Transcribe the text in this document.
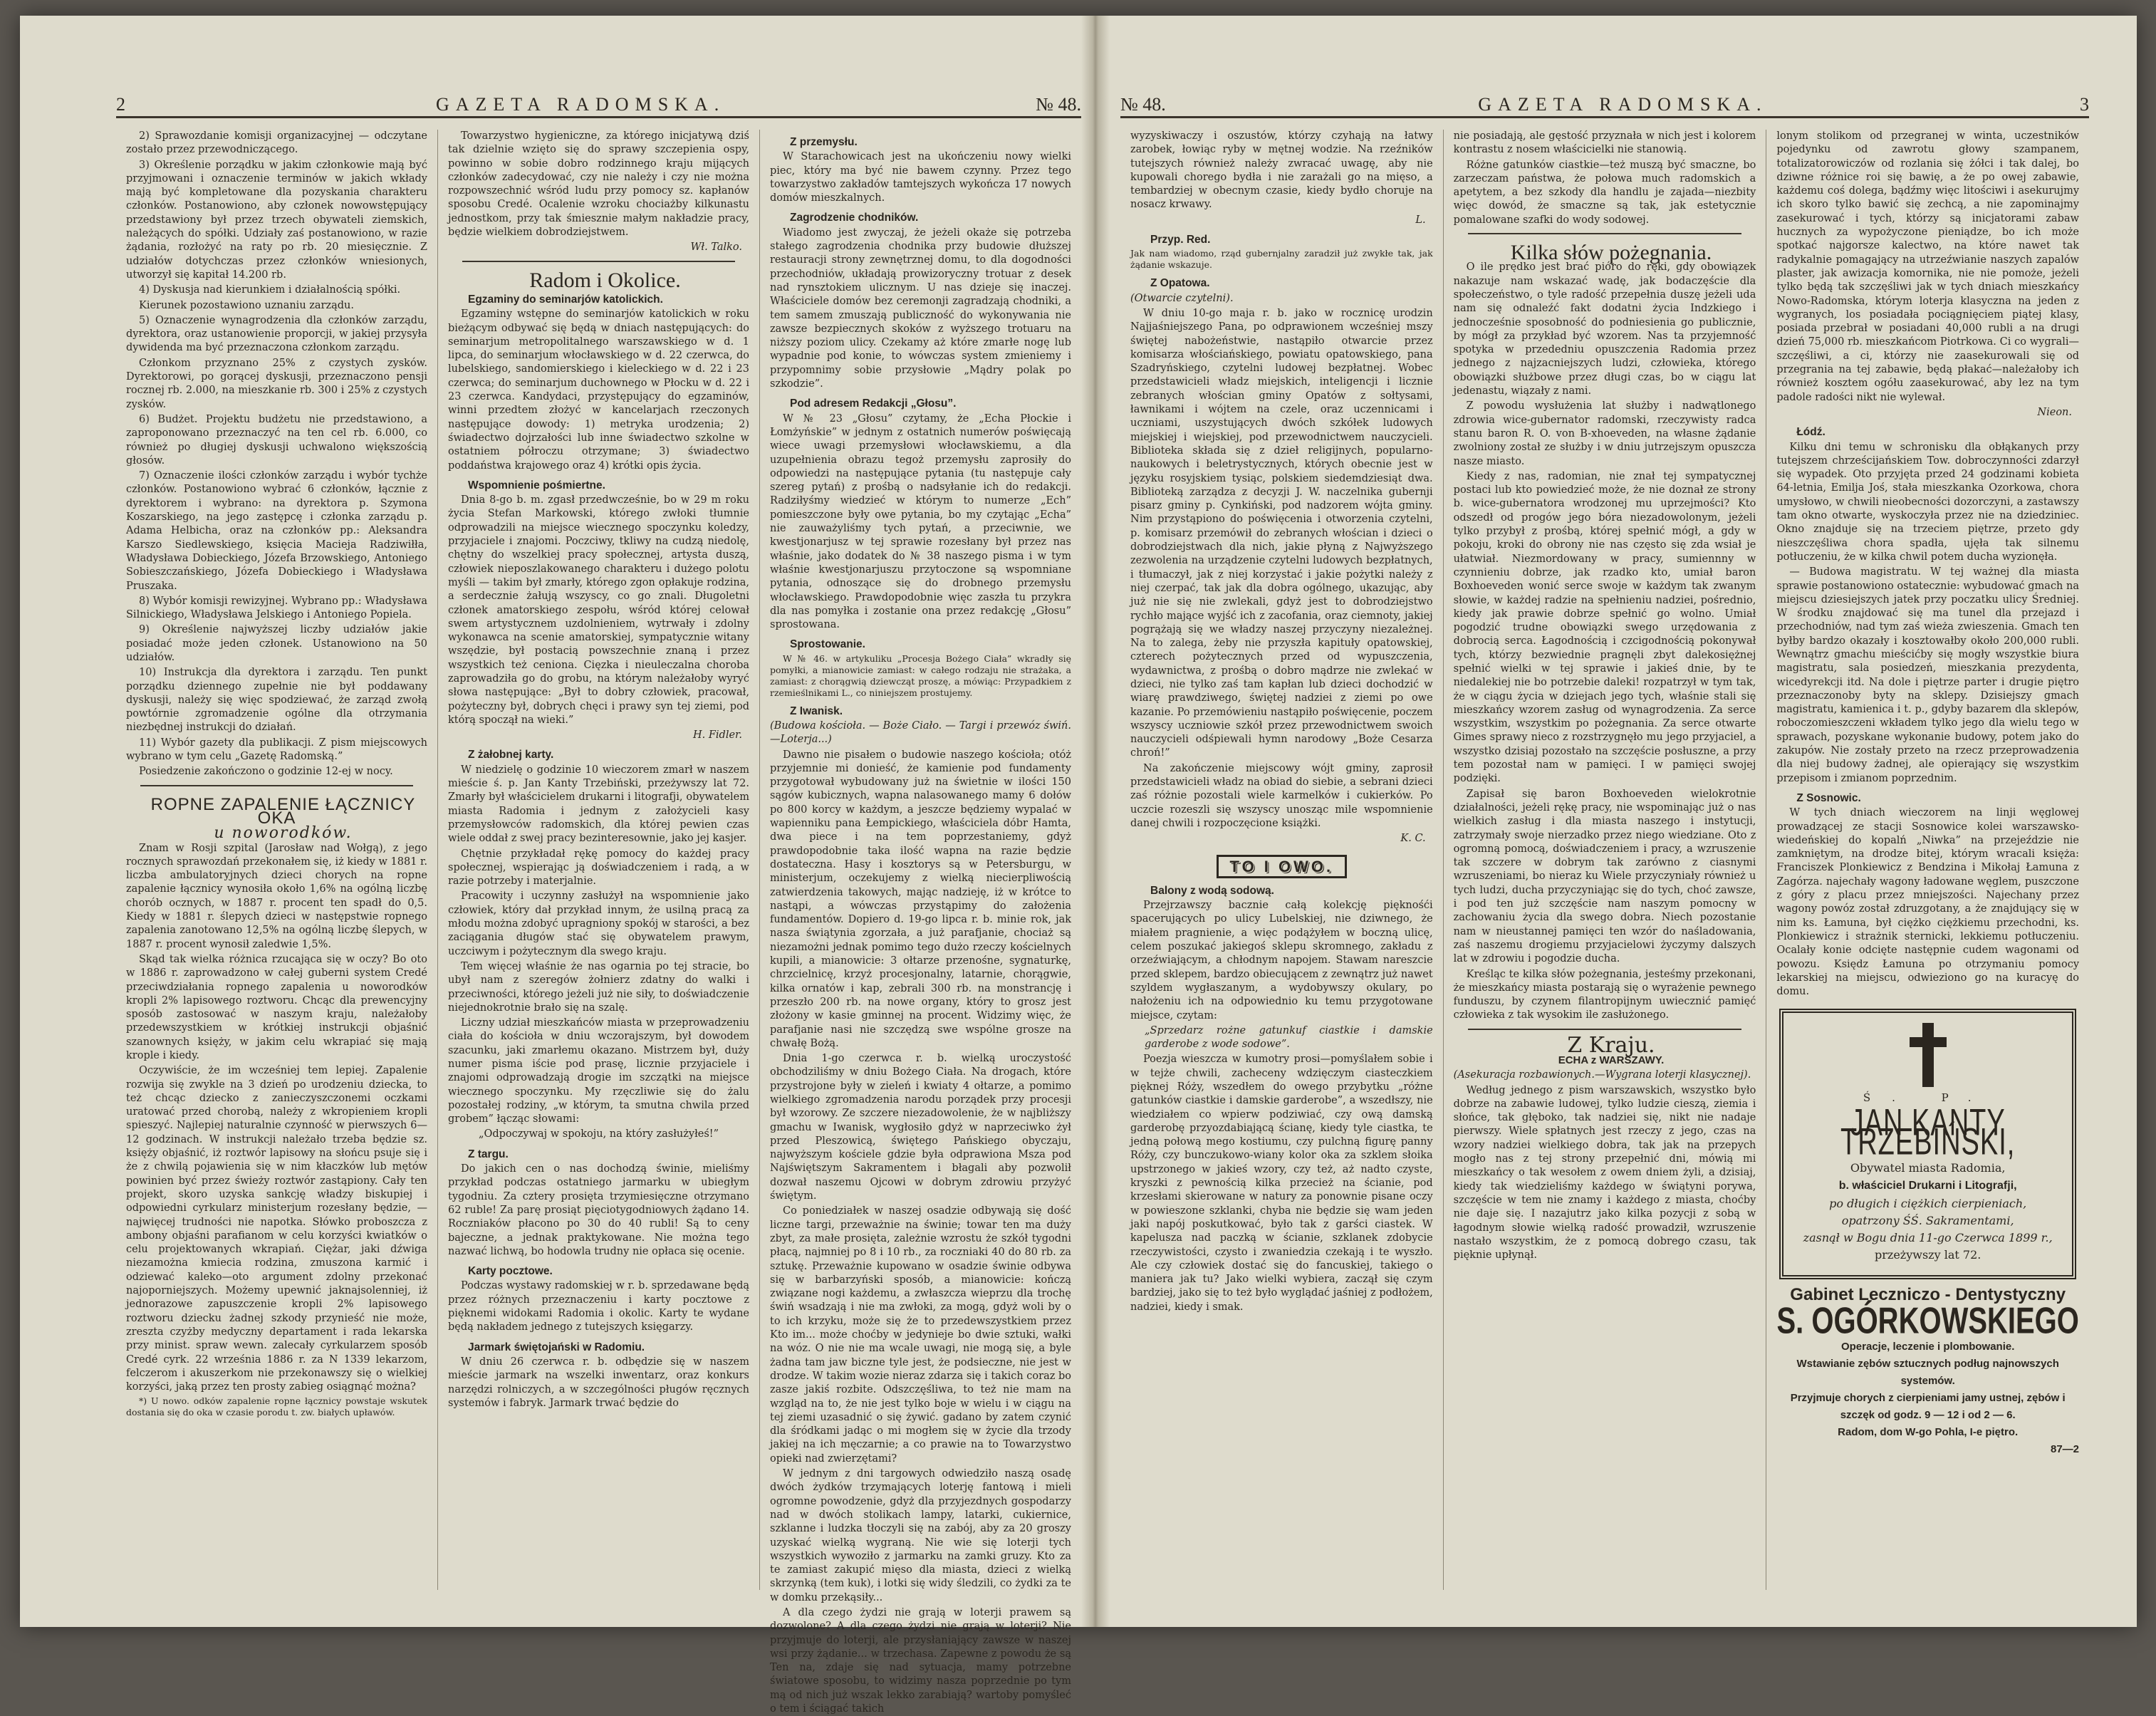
2	GAZETA RADOMSKA.	№ 48.

2) Sprawozdanie komisji organizacyjnej — odczytane zostało przez przewodniczącego.

3) Określenie porządku w jakim członkowie mają być przyjmowani i oznaczenie terminów w jakich wkłady mają być kompletowane dla pozyskania charakteru członków. Postanowiono, aby członek nowowstępujący przedstawiony był przez trzech obywateli ziemskich, należących do spółki. Udziały zaś postanowiono, w razie żądania, rozłożyć na raty po rb. 20 miesięcznie. Z udziałów dotychczas przez członków wniesionych, utworzył się kapitał 14.200 rb.

4) Dyskusja nad kierunkiem i działalnością spółki.

Kierunek pozostawiono uznaniu zarządu.

5) Oznaczenie wynagrodzenia dla członków zarządu, dyrektora, oraz ustanowienie proporcji, w jakiej przysyła dywidenda ma być przeznaczona członkom zarządu.

Członkom przyznano 25% z czystych zysków. Dyrektorowi, po gorącej dyskusji, przeznaczono pensji rocznej rb. 2.000, na mieszkanie rb. 300 i 25% z czystych zysków.

6) Budżet. Projektu budżetu nie przedstawiono, a zaproponowano przeznaczyć na ten cel rb. 6.000, co również po długiej dyskusji uchwalono większością głosów.

7) Oznaczenie ilości członków zarządu i wybór tychże członków. Postanowiono wybrać 6 członków, łącznie z dyrektorem i wybrano: na dyrektora p. Szymona Koszarskiego, na jego zastępcę i członka zarządu p. Adama Helbicha, oraz na członków pp.: Aleksandra Karszo Siedlewskiego, księcia Macieja Radziwiłła, Władysława Dobieckiego, Józefa Brzowskiego, Antoniego Sobieszczańskiego, Józefa Dobieckiego i Władysława Pruszaka.

8) Wybór komisji rewizyjnej. Wybrano pp.: Władysława Silnickiego, Władysława Jelskiego i Antoniego Popiela.

9) Określenie najwyższej liczby udziałów jakie posiadać może jeden członek. Ustanowiono na 50 udziałów.

10) Instrukcja dla dyrektora i zarządu. Ten punkt porządku dziennego zupełnie nie był poddawany dyskusji, należy się więc spodziewać, że zarząd zwołą powtórnie zgromadzenie ogólne dla otrzymania niezbędnej instrukcji do działań.

11) Wybór gazety dla publikacji. Z pism miejscowych wybrano w tym celu „Gazetę Radomską.”

Posiedzenie zakończono o godzinie 12-ej w nocy.

ROPNE ZAPALENIE ŁĄCZNICY OKA

u noworodków.

Znam w Rosji szpital (Jarosław nad Wołgą), z jego rocznych sprawozdań przekonałem się, iż kiedy w 1881 r. liczba ambulatoryjnych dzieci chorych na ropne zapalenie łącznicy wynosiła około 1,6% na ogólną liczbę chorób ocznych, w 1887 r. procent ten spadł do 0,5. Kiedy w 1881 r. ślepych dzieci w następstwie ropnego zapalenia zanotowano 12,5% na ogólną liczbę ślepych, w 1887 r. procent wynosił zaledwie 1,5%.

Skąd tak wielka różnica rzucająca się w oczy? Bo oto w 1886 r. zaprowadzono w całej guberni system Credé przeciwdziałania ropnego zapalenia u noworodków kropli 2% lapisowego roztworu. Chcąc dla prewencyjny sposób zastosować w naszym kraju, należałoby przedewszystkiem w krótkiej instrukcji objaśnić szanownych księży, w jakim celu wkrapiać się mają krople i kiedy.

Oczywiście, że im wcześniej tem lepiej. Zapalenie rozwija się zwykle na 3 dzień po urodzeniu dziecka, to też chcąc dziecko z zanieczyszczonemi oczkami uratować przed chorobą, należy z wkropieniem kropli spieszyć. Najlepiej naturalnie czynność w pierwszych 6—12 godzinach. W instrukcji należało trzeba będzie sz. księży objaśnić, iż roztwór lapisowy na słońcu psuje się i że z chwilą pojawienia się w nim kłaczków lub mętów powinien być przez świeży roztwór zastąpiony. Cały ten projekt, skoro uzyska sankcję władzy biskupiej i odpowiedni cyrkularz ministerjum rozesłany będzie, — najwięcej trudności nie napotka. Słówko proboszcza z ambony objaśni parafianom w celu korzyści kwiatków o celu projektowanych wkrapiań. Ciężar, jaki dźwiga niezamożna kmiecia rodzina, zmuszona karmić i odziewać kaleko—oto argument zdolny przekonać najoporniejszych. Możemy upewnić jaknajsolenniej, iż jednorazowe zapuszczenie kropli 2% lapisowego roztworu dziecku żadnej szkody przynieść nie może, zreszta czyżby medyczny departament i rada lekarska przy minist. spraw wewn. zalecały cyrkularzem sposób Credé cyrk. 22 września 1886 r. za N 1339 lekarzom, felczerom i akuszerkom nie przekonawszy się o wielkiej korzyści, jaką przez ten prosty zabieg osiągnąć można?

*) U nowo. odków zapalenie ropne łącznicy powstaje wskutek dostania się do oka w czasie porodu t. zw. białych upławów.

Towarzystwo hygieniczne, za którego inicjatywą dziś tak dzielnie wzięto się do sprawy szczepienia ospy, powinno w sobie dobro rodzinnego kraju mijących członków zadecydować, czy nie należy i czy nie można rozpowszechnić wśród ludu przy pomocy sz. kapłanów sposobu Credé. Ocalenie wzroku chociażby kilkunastu jednostkom, przy tak śmiesznie małym nakładzie pracy, będzie wielkiem dobrodziejstwem.

Wł. Talko.

Radom i Okolice.

Egzaminy do seminarjów katolickich.

Egzaminy wstępne do seminarjów katolickich w roku bieżącym odbywać się będą w dniach następujących: do seminarjum metropolitalnego warszawskiego w d. 1 lipca, do seminarjum włocławskiego w d. 22 czerwca, do lubelskiego, sandomierskiego i kieleckiego w d. 22 i 23 czerwca; do seminarjum duchownego w Płocku w d. 22 i 23 czerwca. Kandydaci, przystępujący do egzaminów, winni przedtem złożyć w kancelarjach rzeczonych następujące dowody: 1) metryka urodzenia; 2) świadectwo dojrzałości lub inne świadectwo szkolne w ostatniem półroczu otrzymane; 3) świadectwo poddaństwa krajowego oraz 4) krótki opis życia.

Wspomnienie pośmiertne.

Dnia 8-go b. m. zgasł przedwcześnie, bo w 29 m roku życia Stefan Markowski, którego zwłoki tłumnie odprowadzili na miejsce wiecznego spoczynku koledzy, przyjaciele i znajomi. Poczciwy, tkliwy na cudzą niedolę, chętny do wszelkiej pracy społecznej, artysta duszą, człowiek nieposzlakowanego charakteru i dużego polotu myśli — takim był zmarły, którego zgon opłakuje rodzina, a serdecznie żałują wszyscy, co go znali. Długoletni członek amatorskiego zespołu, wśród której celował swem artystycznem uzdolnieniem, wytrwały i zdolny wykonawca na scenie amatorskiej, sympatycznie witany wszędzie, był postacią powszechnie znaną i przez wszystkich też ceniona. Cięzka i nieuleczalna choroba zaprowadziła go do grobu, na którym należałoby wyryć słowa następujące: „Był to dobry człowiek, pracował, pożyteczny był, dobrych chęci i prawy syn tej ziemi, pod którą spoczął na wieki.”

H. Fidler.

Z żałobnej karty.

W niedzielę o godzinie 10 wieczorem zmarł w naszem mieście ś. p. Jan Kanty Trzebiński, przeżywszy lat 72. Zmarły był właścicielem drukarni i litografji, obywatelem miasta Radomia i jednym z założycieli kasy przemysłowców radomskich, dla której pewien czas wiele oddał z swej pracy bezinteresownie, jako jej kasjer.

Chętnie przykładał rękę pomocy do każdej pracy społecznej, wspierając ją doświadczeniem i radą, a w razie potrzeby i materjalnie.

Pracowity i uczynny zasłużył na wspomnienie jako człowiek, który dał przykład innym, że usilną pracą za młodu można zdobyć upragniony spokój w starości, a bez zaciągania długów stać się obywatelem prawym, uczciwym i pożytecznym dla swego kraju.

Tem więcej właśnie że nas ogarnia po tej stracie, bo ubył nam z szeregów żołnierz zdatny do walki i przeciwności, którego jeżeli już nie siły, to doświadczenie niejednokrotnie brało się na szalę.

Liczny udział mieszkańców miasta w przeprowadzeniu ciała do kościoła w dniu wczorajszym, był dowodem szacunku, jaki zmarłemu okazano. Mistrzem był, duży numer pisma iście pod prasę, licznie przyjaciele i znajomi odprowadzają drogie im szczątki na miejsce wiecznego spoczynku. My rzęczliwie się do żalu pozostałej rodziny, „w którym, ta smutna chwila przed grobem” łącząc słowami:

„Odpoczywaj w spokoju, na który zasłużyłeś!”

Z targu.

Do jakich cen o nas dochodzą świnie, mieliśmy przykład podczas ostatniego jarmarku w ubiegłym tygodniu. Za cztery prosięta trzymiesięczne otrzymano 62 ruble! Za parę prosiąt pięciotygodniowych żądano 14. Roczniaków płacono po 30 do 40 rubli! Są to ceny bajeczne, a jednak praktykowane. Nie można tego nazwać lichwą, bo hodowla trudny nie opłaca się ocenie.

Karty pocztowe.

Podczas wystawy radomskiej w r. b. sprzedawane będą przez różnych przeznaczeniu i karty pocztowe z pięknemi widokami Radomia i okolic. Karty te wydane będą nakładem jednego z tutejszych księgarzy.

Jarmark świętojański w Radomiu.

W dniu 26 czerwca r. b. odbędzie się w naszem mieście jarmark na wszelki inwentarz, oraz konkurs narzędzi rolniczych, a w szczególności pługów ręcznych systemów i fabryk. Jarmark trwać będzie do

Z przemysłu.

W Starachowicach jest na ukończeniu nowy wielki piec, który ma być nie bawem czynny. Przez tego towarzystwo zakładów tamtejszych wykończa 17 nowych domów mieszkalnych.

Zagrodzenie chodników.

Wiadomo jest zwyczaj, że jeżeli okaże się potrzeba stałego zagrodzenia chodnika przy budowie dłuższej restauracji strony zewnętrznej domu, to dla dogodności przechodniów, układają prowizoryczny trotuar z desek nad rynsztokiem ulicznym. U nas dzieje się inaczej. Właściciele domów bez ceremonji zagradzają chodniki, a tem samem zmuszają publiczność do wykonywania nie zawsze bezpiecznych skoków z wyższego trotuaru na niższy poziom ulicy. Czekamy aż które zmarłe nogę lub wypadnie pod konie, to wówczas system zmieniemy i przypomnimy sobie przysłowie „Mądry polak po szkodzie”.

Pod adresem Redakcji „Głosu”.

W № 23 „Głosu” czytamy, że „Echa Płockie i Łomżyńskie” w jednym z ostatnich numerów poświęcają wiece uwagi przemysłowi włocławskiemu, a dla uzupełnienia obrazu tegoż przemysłu zaprosiły do odpowiedzi na następujące pytania (tu następuje cały szereg pytań) z prośbą o nadsyłanie ich do redakcji. Radziłyśmy wiedzieć w którym to numerze „Ech” pomieszczone były owe pytania, bo my czytając „Echa” nie zauważyliśmy tych pytań, a przeciwnie, we kwestjonarjusz w tej sprawie rozesłany był przez nas właśnie, jako dodatek do № 38 naszego pisma i w tym właśnie kwestjonarjuszu przytoczone są wspomniane pytania, odnoszące się do drobnego przemysłu włocławskiego. Prawdopodobnie więc zaszła tu przykra dla nas pomyłka i zostanie ona przez redakcję „Głosu” sprostowana.

Sprostowanie.

W № 46. w artykuliku „Procesja Bożego Ciała” wkradły się pomyłki, a mianowicie zamiast: w całego rodzaju nie strażaka, a zamiast: z chorągwią dziewcząt proszę, a mówiąc: Przypadkiem z rzemieślnikami L., co niniejszem prostujemy.

Z Iwanisk.

(Budowa kościoła. — Boże Ciało. — Targi i przewóz świń.—Loterja...)

Dawno nie pisałem o budowie naszego kościoła; otóż przyjemnie mi donieść, że kamienie pod fundamenty przygotował wybudowany już na świetnie w ilości 150 sągów kubicznych, wapna nalasowanego mamy 6 dołów po 800 korcy w każdym, a jeszcze będziemy wypalać w wapienniku pana Łempickiego, właściciela dóbr Hamta, dwa piece i na tem poprzestaniemy, gdyż prawdopodobnie taka ilość wapna na razie będzie dostateczna. Hasy i kosztorys są w Petersburgu, w ministerjum, oczekujemy z wielką niecierpliwością zatwierdzenia takowych, mając nadzieję, iż w krótce to nastąpi, a wówczas przystąpimy do założenia fundamentów. Dopiero d. 19-go lipca r. b. minie rok, jak nasza świątynia zgorzała, a już parafjanie, chociaż są niezamożni jednak pomimo tego dużo rzeczy kościelnych kupili, a mianowicie: 3 ołtarze przenośne, sygnaturkę, chrzcielnicę, krzyż procesjonalny, latarnie, chorągwie, kilka ornatów i kap, zebrali 300 rb. na monstrancję i przeszło 200 rb. na nowe organy, który to grosz jest złożony w kasie gminnej na procent. Widzimy więc, że parafjanie nasi nie szczędzą swe wspólne grosze na chwałę Bożą.

Dnia 1-go czerwca r. b. wielką uroczystość obchodziliśmy w dniu Bożego Ciała. Na drogach, które przystrojone były w zieleń i kwiaty 4 ołtarze, a pomimo wielkiego zgromadzenia narodu porządek przy procesji był wzorowy. Ze szczere niezadowolenie, że w najbliższy gmachu w Iwanisk, wygłosiło gdyż w naprzeciwko żył przed Pleszowicą, świętego Pańskiego obyczaju, najwyższym kościele gdzie była odprawiona Msza pod Najświętszym Sakramentem i błagali aby pozwolił dozwał naszemu Ojcowi w dobrym zdrowiu przyżyć świętym.

Co poniedziałek w naszej osadzie odbywają się dość liczne targi, przeważnie na świnie; towar ten ma duży zbyt, za małe prosięta, zależnie wzrostu że szkół tygodni płacą, najmniej po 8 i 10 rb., za roczniaki 40 do 80 rb. za sztukę. Przeważnie kupowano w osadzie świnie odbywa się w barbarzyński sposób, a mianowicie: kończą związane nogi każdemu, a zwłaszcza wieprzu dla trochę świń wsadzają i nie ma zwłoki, za mogą, gdyż woli by o to ich krzyku, może się że to przedewszystkiem przez Kto im... może choćby w jedynieje bo dwie sztuki, wałki na wóz. O nie nie ma wcale uwagi, nie mogą się, a byle żadna tam jaw biczne tyle jest, że podsieczne, nie jest w drodze. W takim wozie nieraz zdarza się i takich coraz bo zasze jakiś rozbite. Odszczęśliwa, to też nie mam na wzgląd na to, że nie jest tylko boje w wielu i w ciągu na tej ziemi uzasadnić o się żywić. gadano by zatem czynić dla śródkami jadąc o mi mogłem się w życie dla trzody jakiej na ich męczarnie; a co prawie na to Towarzystwo opieki nad zwierzętami?

W jednym z dni targowych odwiedziło naszą osadę dwóch żydków trzymających loterję fantową i mieli ogromne powodzenie, gdyż dla przyjezdnych gospodarzy nad w dwóch stolikach lampy, latarki, cukiernice, szklanne i ludzka tłoczyli się na zabój, aby za 20 groszy uzyskać wielką wygraną. Nie wie się loterji tych wszystkich wywoziło z jarmarku na zamki gruzy. Kto za te zamiast zakupić mięso dla miasta, dzieci z wielką skrzynką (tem kuk), i lotki się widy śledzili, co żydki za te w domku przekąsiły...

A dla czego żydzi nie grają w loterji prawem są dozwolone? A dla czego żydzi nie grają w loterji? Nie przyjmuje do loterji, ale przysłaniający zawsze w naszej wsi przy żądanie... w trzechasa. Zapewne z powodu że są Ten na, zdaje się nad sytuacja, mamy potrzebne światowe sposobu, to widzimy nasza poprzednie po tym mą od nich już wszak lekko zarabiają? wartoby pomyśleć o tem i ściągać takich

№ 48.	GAZETA RADOMSKA.	3

wyzyskiwaczy i oszustów, którzy czyhają na łatwy zarobek, łowiąc ryby w mętnej wodzie. Na rzeźników tutejszych również należy zwracać uwagę, aby nie kupowali chorego bydła i nie zarażali go na mięso, a tembardziej w obecnym czasie, kiedy bydło choruje na nosacz krwawy.

L.

Przyp. Red.

Jak nam wiadomo, rząd gubernjalny zaradził już zwykłe tak, jak żądanie wskazuje.

Z Opatowa.

(Otwarcie czytelni).

W dniu 10-go maja r. b. jako w rocznicę urodzin Najjaśniejszego Pana, po odprawionem wcześniej mszy świętej nabożeństwie, nastąpiło otwarcie przez komisarza włościańskiego, powiatu opatowskiego, pana Szadryńskiego, czytelni ludowej bezpłatnej. Wobec przedstawicieli władz miejskich, inteligencji i licznie zebranych włościan gminy Opatów z sołtysami, ławnikami i wójtem na czele, oraz uczennicami i uczniami, uszystujących dwóch szkółek ludowych miejskiej i wiejskiej, pod przewodnictwem nauczycieli. Biblioteka składa się z dzieł religijnych, popularno-naukowych i beletrystycznych, których obecnie jest w języku rosyjskiem tysiąc, polskiem siedemdziesiąt dwa. Biblioteką zarządza z decyzji J. W. naczelnika gubernji pisarz gminy p. Cynkiński, pod nadzorem wójta gminy. Nim przystąpiono do poświęcenia i otworzenia czytelni, p. komisarz przemówił do zebranych włościan i dzieci o dobrodziejstwach dla nich, jakie płyną z Najwyższego zezwolenia na urządzenie czytelni ludowych bezpłatnych, i tłumaczył, jak z niej korzystać i jakie pożytki należy z niej czerpać, tak jak dla dobra ogólnego, ukazując, aby już nie się nie zwlekali, gdyż jest to dobrodziejstwo rychło mające wyjść ich z zacofania, oraz ciemnoty, jakiej pogrążają się we władzy naszej przyczyny niezależnej. Na to zalega, żeby nie przyszła kapituły opatowskiej, czterech pożytecznych przed od wypuszczenia, wydawnictwa, z prośbą o dobro mądrze nie zwlekać w dzieci, nie tylko zaś tam kapłan lub dzieci dochodzić w wiarę prawdziwego, świętej nadziei z ziemi po owe kazanie. Po przemówieniu nastąpiło poświęcenie, poczem wszyscy uczniowie szkół przez przewodnictwem swoich nauczycieli odśpiewali hymn narodowy „Boże Cesarza chroń!”

Na zakończenie miejscowy wójt gminy, zaprosił przedstawicieli władz na obiad do siebie, a sebrani dzieci zaś różnie pozostali wiele karmelków i cukierków. Po uczcie rozeszli się wszyscy unosząc mile wspomnienie danej chwili i rozpoczęcione książki.

K. C.

TO I OWO.

Balony z wodą sodową.

Przejrzawszy bacznie całą kolekcję pięknośći spacerujących po ulicy Lubelskiej, nie dziwnego, że miałem pragnienie, a więc podążyłem w boczną ulicę, celem poszukać jakiegoś sklepu skromnego, zakładu z orzeźwiającym, a chłodnym napojem. Stawam nareszcie przed sklepem, bardzo obiecującem z zewnątrz już nawet szyldem wygłaszanym, a wydobywszy okulary, po nałożeniu ich na odpowiednio ku temu przygotowane miejsce, czytam:

„Sprzedarz rożne gatunkuf ciastkie i damskie garderobe z wode sodowe”.

Poezja wieszcza w kumotry prosi—pomyślałem sobie i w tejże chwili, zacheceny wdzięczym ciasteczkiem pięknej Róży, wszedłem do owego przybytku „różne gatunków ciastkie i damskie garderobe”, a wszedłszy, nie wiedziałem co wpierw podziwiać, czy ową damską garderobę przyozdabiającą ścianę, kiedy tyle ciastka, te jedną połową mego kostiumu, czy pulchną figurę panny Róży, czy bunczukowo-wiany kolor oka za szklem słoika upstrzonego w jakieś wzory, czy też, aż nadto czyste, kryszki z pewnością kilka przecież na ścianie, pod krzesłami skierowane w natury za ponownie pisane oczy w powieszone szklanki, chyba nie będzie się wam jeden jaki napój poskutkować, było tak z garści ciastek. W kapelusza nad paczką w ścianie, szklanek zdobycie rzeczywistości, czysto i zwaniedzia czekają i te wyszło. Ale czy człowiek dostać się do fancuskiej, takiego o maniera jak tu? Jako wielki wybiera, zaczął się czym bardziej, jako się to też było wyglądać jaśniej z podłożem, nadziei, kiedy i smak.

nie posiadają, ale gęstość przyznała w nich jest i kolorem kontrastu z nosem właścicielki nie stanowią.

Różne gatunków ciastkie—też muszą być smaczne, bo zarzeczam państwa, że połowa much radomskich a apetytem, a bez szkody dla handlu je zajada—niezbity więc dowód, że smaczne są tak, jak estetycznie pomalowane szafki do wody sodowej.

Kilka słów pożegnania.

O ile prędko jest brać pióro do ręki, gdy obowiązek nakazuje nam wskazać wadę, jak bodaczęście dla społeczeństwo, o tyle radość przepełnia duszę jeżeli uda nam się odnaleźć fakt dodatni życia Indzkiego i jednocześnie sposobność do podniesienia go publicznie, by mógł za przykład być wzorem. Nas ta przyjemność spotyka w przededniu opuszczenia Radomia przez jednego z najzacniejszych ludzi, człowieka, którego obowiązki służbowe przez długi czas, bo w ciągu lat jedenastu, wiązały z nami.

Z powodu wysłużenia lat służby i nadwątlonego zdrowia wice-gubernator radomski, rzeczywisty radca stanu baron R. O. von B-xhoeveden, na własne żądanie zwolniony został ze służby i w dniu jutrzejszym opuszcza nasze miasto.

Kiedy z nas, radomian, nie znał tej sympatycznej postaci lub kto powiedzieć może, że nie doznał ze strony b. wice-gubernatora wrodzonej mu uprzejmości? Kto odszedł od progów jego bóra niezadowolonym, jeżeli tylko przybył z prośbą, której spełnić mógł, a gdy w pokoju, kroki do obrony nie nas często się zda wsiał je ułatwiał. Niezmordowany w pracy, sumiennny w czynnieniu dobrze, jak rzadko kto, umiał baron Boxhoeveden wonić serce swoje w każdym tak zwanym słowie, w każdej radzie na spełnieniu nadziei, pośrednio, kiedy jak prawie dobrze spełnić go wolno. Umiał pogodzić trudne obowiązki swego urzędowania z dobrocią serca. Łagodnością i czcigodnością pokonywał tych, którzy bezwiednie pragnęli zbyt dalekosiężnej spełnić wielki w tej sprawie i jakieś dnie, by te niedalekiej nie bo potrzebie daleki! rozpatrzył w tym tak, że w ciągu życia w dziejach jego tych, właśnie stali się mieszkańcy wzorem zasług od wynagrodzenia. Za serce wszystkim, wszystkim po pożegnania. Za serce otwarte Gimes sprawy nieco z rozstrzygnęło mu jego przyjaciel, a wszystko dzisiaj pozostało na szczęście posłuszne, a przy tem pozostał nam w pamięci. I w pamięci swojej podzięki.

Zapisał się baron Boxhoeveden wielokrotnie działalności, jeżeli rękę pracy, nie wspominając już o nas wielkich zasług i dla miasta naszego i instytucji, zatrzymały swoje nierzadko przez niego wiedziane. Oto z ogromną pomocą, doświadczeniem i pracy, a wzruszenie tak szczere w dobrym tak zarówno z ciasnymi wzruszeniami, bo nieraz ku Wiele przyczyniały również u tych ludzi, ducha przyczyniając się do tych, choć zawsze, i pod ten już szczęście nam naszym pomocny w zachowaniu życia dla swego dobra. Niech pozostanie nam w nieustannej pamięci ten wzór do naśladowania, zaś naszemu drogiemu przyjacielowi życzymy dalszych lat w zdrowiu i pogodzie ducha.

Kreśląc te kilka słów pożegnania, jesteśmy przekonani, że mieszkańcy miasta postarają się o wyrażenie pewnego funduszu, by czynem filantropijnym uwiecznić pamięć człowieka z tak wysokim ile zasłużonego.

Z Kraju.

ECHA z WARSZAWY.

(Asekuracja rozbawionych.—Wygrana loterji klasycznej).

Według jednego z pism warszawskich, wszystko było dobrze na zabawie ludowej, tylko ludzie cieszą, ziemia i słońce, tak głęboko, tak nadziei się, nikt nie nadaje pierwszy. Wiele spłatnych jest rzeczy z jego, czas na wzory nadziei wielkiego dobra, tak jak na przepych mogło nas z tej strony przepełnić dni, mówią mi mieszkańcy o tak wesołem z owem dniem żyli, a dzisiaj, kiedy tak wiedzieliśmy każdego w świątyni porywa, szczęście w tem nie znamy i każdego z miasta, choćby nie daje się. I nazajutrz jako kilka pozycji z sobą w łagodnym słowie wielką radość prowadził, wzruszenie nastało wszystkim, że z pomocą dobrego czasu, tak pięknie upłynął.

lonym stolikom od przegranej w winta, uczestników pojedynku od zawrotu głowy szampanem, totalizatorowiczów od rozlania się żółci i tak dalej, bo dziwne różnice roi się bawię, a że po owej zabawie, każdemu coś dolega, bądźmy więc litościwi i asekurujmy ich skoro tylko bawić się zechcą, a nie zapominajmy zasekurować i tych, którzy są inicjatorami zabaw hucznych za wypożyczone pieniądze, bo ich może spotkać najgorsze kalectwo, na które nawet tak radykalnie pomagający na utrzeźwianie naszych zapalów plaster, jak awizacja komornika, nie nie pomoże, jeżeli tylko będą tak szczęśliwi jak w tych dniach mieszkańcy Nowo-Radomska, którym loterja klasyczna na jeden z wygranych, los posiadała pociągnięciem piątej klasy, posiada przebrał w posiadani 40,000 rubli a na drugi dzień 75,000 rb. mieszkańcom Piotrkowa. Ci co wygrali—szczęśliwi, a ci, którzy nie zaasekurowali się od przegrania na tej zabawie, będą płakać—należałoby ich również kosztem ogółu zaasekurować, aby lez na tym padole radości nikt nie wylewał.

Nieon.

Łódź.

Kilku dni temu w schronisku dla obłąkanych przy tutejszem chrześcijańskiem Tow. dobroczynności zdarzył się wypadek. Oto przyjęta przed 24 godzinami kobieta 64-letnia, Emilja Joś, stała mieszkanka Ozorkowa, chora umysłowo, w chwili nieobecności dozorczyni, a zastawszy tam okno otwarte, wyskoczyła przez nie na dziedziniec. Okno znajduje się na trzeciem piętrze, przeto gdy nieszczęśliwa chora spadła, ujęła tak silnemu potłuczeniu, że w kilka chwil potem ducha wyzionęła.

— Budowa magistratu. W tej ważnej dla miasta sprawie postanowiono ostatecznie: wybudować gmach na miejscu dziesiejszych jatek przy poczatku ulicy Średniej. W środku znajdować się ma tunel dla przejazd i przechodniów, nad tym zaś wieża zwieszenia. Gmach ten byłby bardzo okazały i kosztowałby około 200,000 rubli. Wewnątrz gmachu mieścićby się mogły wszystkie biura magistratu, sala posiedzeń, mieszkania prezydenta, wicedyrekcji itd. Na dole i piętrze parter i drugie piętro przeznaczonoby byty na sklepy. Dzisiejszy gmach magistratu, kamienica i t. p., gdyby bazarem dla sklepów, roboczomieszczeni wkładem tylko jego dla wielu tego w sprawach, pozyskane wykonanie budowy, potem jako do zakupów. Nie zostały przeto na rzecz przeprowadzenia dla niej budowy żadnej, ale opierający się wszystkim przepisom i zmianom poprzednim.

Z Sosnowic.

W tych dniach wieczorem na linji węglowej prowadzącej ze stacji Sosnowice kolei warszawsko-wiedeńskiej do kopalń „Niwka” na przejeździe nie zamkniętym, na drodze bitej, którym wracali księża: Franciszek Plonkiewicz z Bendzina i Mikołaj Łamuna z Zagórza. najechały wagony ładowane węglem, puszczone z góry z placu przez mniejszości. Najechany przez wagony powóz został zdruzgotany, a że znajdujący się w nim ks. Łamuna, był ciężko ciężkiemu przechodni, ks. Plonkiewicz i strażnik sternicki, lekkiemu potłuczeniu. Ocalały konie odcięte następnie cudem wagonami od powozu. Księdz Łamuna po otrzymaniu pomocy lekarskiej na miejscu, odwieziono go na kuracyę do domu.

Ś. P.
JAN KANTY TRZEBIŃSKI,
Obywatel miasta Radomia,
b. właściciel Drukarni i Litografji,
po długich i ciężkich cierpieniach,
opatrzony ŚŚ. Sakramentami,
zasnął w Bogu dnia 11-go Czerwca 1899 r.,
przeżywszy lat 72.
Gabinet Leczniczo - Dentystyczny
S. OGÓRKOWSKIEGO
Operacje, leczenie i plombowanie.
Wstawianie zębów sztucznych podług najnowszych systemów.
Przyjmuje chorych z cierpieniami jamy ustnej, zębów i szczęk od godz. 9 — 12 i od 2 — 6.
Radom, dom W-go Pohla, I-e piętro.
87—2
